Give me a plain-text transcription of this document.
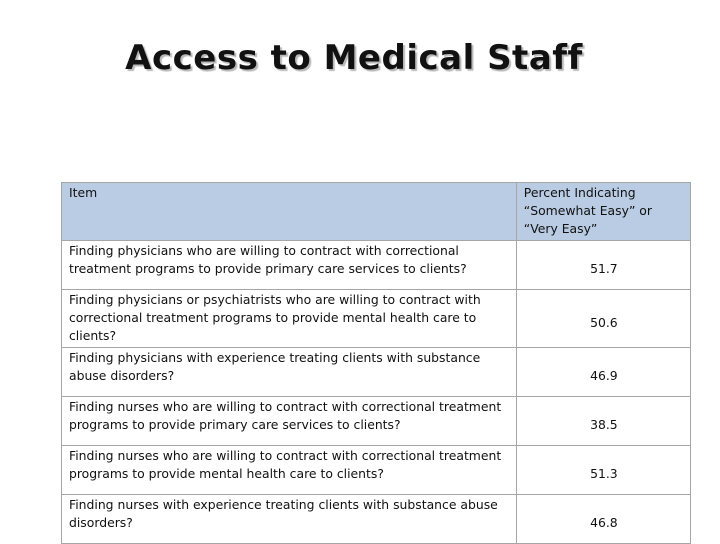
Access to Medical Staff
Item	Percent Indicating “Somewhat Easy” or “Very Easy”
Finding physicians who are willing to contract with correctional treatment programs to provide primary care services to clients?	51.7
Finding physicians or psychiatrists who are willing to contract with correctional treatment programs to provide mental health care to clients?	50.6
Finding physicians with experience treating clients with substance abuse disorders?	46.9
Finding nurses who are willing to contract with correctional treatment programs to provide primary care services to clients?	38.5
Finding nurses who are willing to contract with correctional treatment programs to provide mental health care to clients?	51.3
Finding nurses with experience treating clients with substance abuse disorders?	46.8
